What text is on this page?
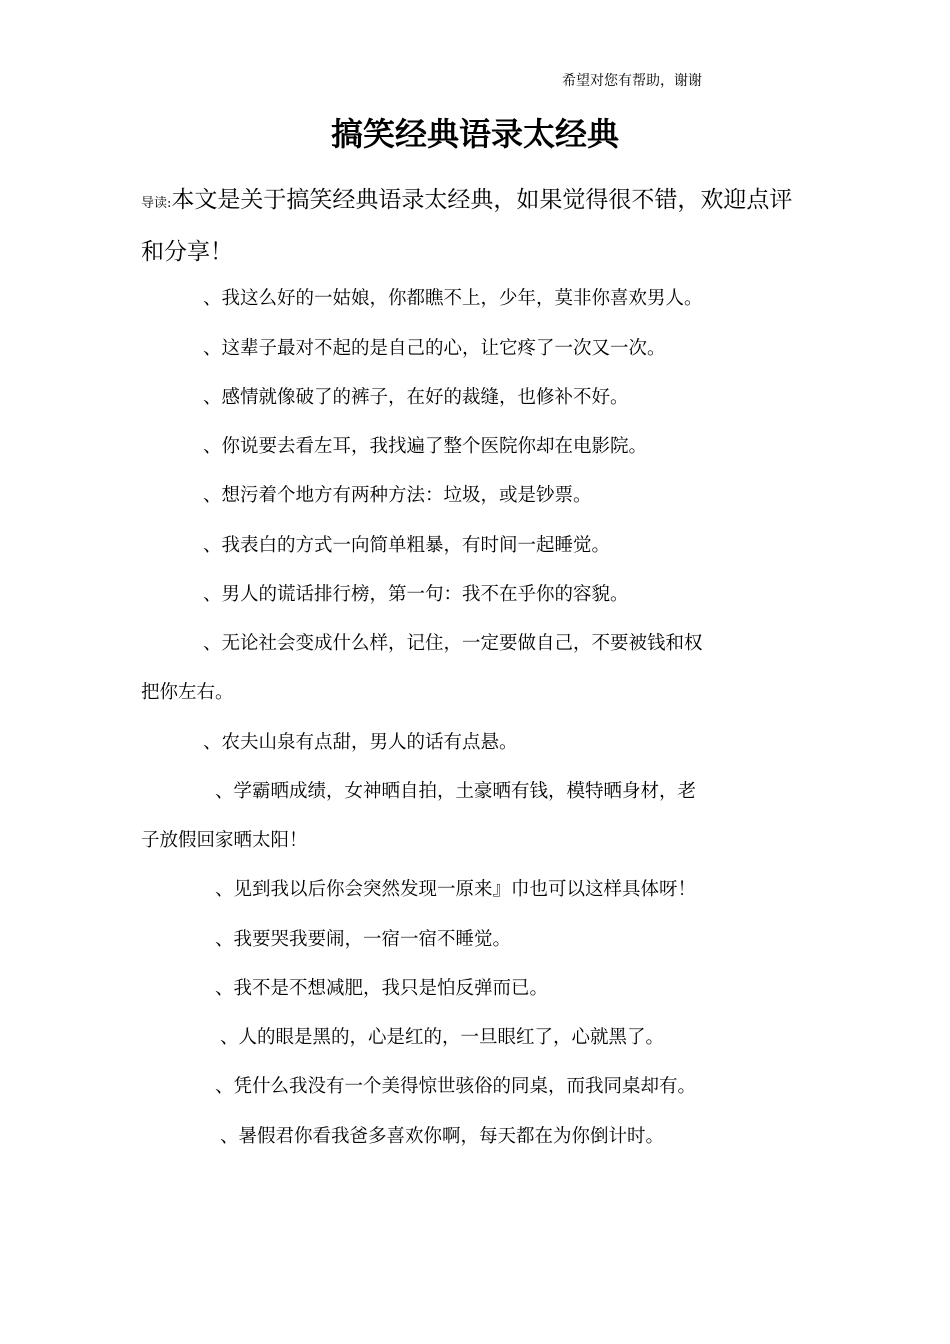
希望对您有帮助，谢谢
搞笑经典语录太经典

导读:本文是关于搞笑经典语录太经典，如果觉得很不错，欢迎点评和分享！

、我这么好的一姑娘，你都瞧不上，少年，莫非你喜欢男人。

、这辈子最对不起的是自己的心，让它疼了一次又一次。

、感情就像破了的裤子，在好的裁缝，也修补不好。

、你说要去看左耳，我找遍了整个医院你却在电影院。

、想污着个地方有两种方法：垃圾，或是钞票。

、我表白的方式一向简单粗暴，有时间一起睡觉。

、男人的谎话排行榜，第一句：我不在乎你的容貌。

、无论社会变成什么样，记住，一定要做自己，不要被钱和权

把你左右。

、农夫山泉有点甜，男人的话有点悬。

、学霸晒成绩，女神晒自拍，土豪晒有钱，模特晒身材，老

子放假回家晒太阳！

、见到我以后你会突然发现一原来』巾也可以这样具体呀！

、我要哭我要闹，一宿一宿不睡觉。

、我不是不想减肥，我只是怕反弹而已。

、人的眼是黑的，心是红的，一旦眼红了，心就黑了。

、凭什么我没有一个美得惊世骇俗的同桌，而我同桌却有。

、暑假君你看我爸多喜欢你啊，每天都在为你倒计时。
